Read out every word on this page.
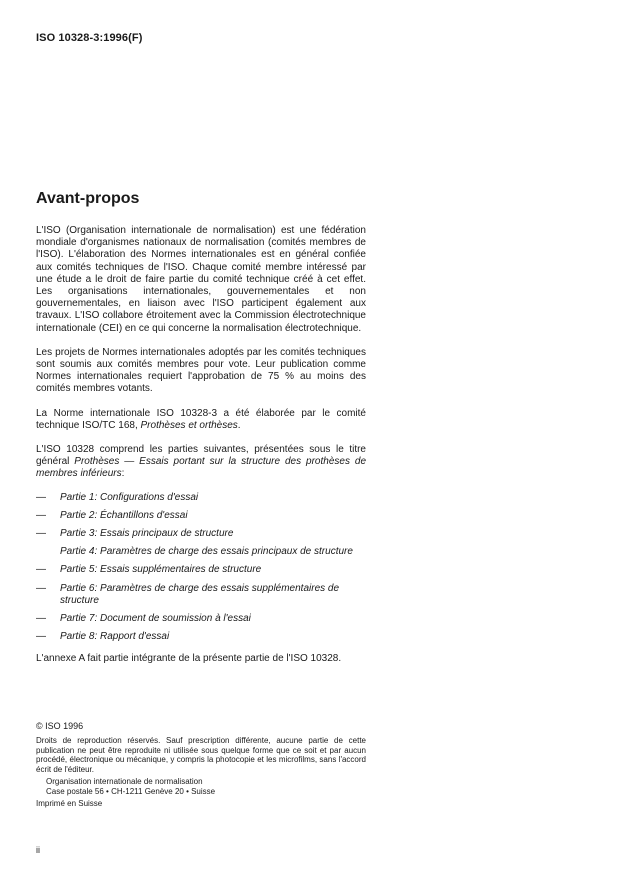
ISO 10328-3:1996(F)
Avant-propos

L'ISO (Organisation internationale de normalisation) est une fédération mondiale d'organismes nationaux de normalisation (comités membres de l'ISO). L'élaboration des Normes internationales est en général confiée aux comités techniques de l'ISO. Chaque comité membre intéressé par une étude a le droit de faire partie du comité technique créé à cet effet. Les organisations internationales, gouvernementales et non gouvernementales, en liaison avec l'ISO participent également aux travaux. L'ISO collabore étroitement avec la Commission électrotechnique internationale (CEI) en ce qui concerne la normalisation électrotechnique.

Les projets de Normes internationales adoptés par les comités techniques sont soumis aux comités membres pour vote. Leur publication comme Normes internationales requiert l'approbation de 75 % au moins des comités membres votants.

La Norme internationale ISO 10328-3 a été élaborée par le comité technique ISO/TC 168, Prothèses et orthèses.

L'ISO 10328 comprend les parties suivantes, présentées sous le titre général Prothèses — Essais portant sur la structure des prothèses de membres inférieurs:

— Partie 1: Configurations d'essai
— Partie 2: Échantillons d'essai
— Partie 3: Essais principaux de structure
Partie 4: Paramètres de charge des essais principaux de structure
— Partie 5: Essais supplémentaires de structure
— Partie 6: Paramètres de charge des essais supplémentaires de structure
— Partie 7: Document de soumission à l'essai
— Partie 8: Rapport d'essai

L'annexe A fait partie intégrante de la présente partie de l'ISO 10328.

© ISO 1996
Droits de reproduction réservés. Sauf prescription différente, aucune partie de cette publication ne peut être reproduite ni utilisée sous quelque forme que ce soit et par aucun procédé, électronique ou mécanique, y compris la photocopie et les microfilms, sans l'accord écrit de l'éditeur.
Organisation internationale de normalisation
Case postale 56 • CH-1211 Genève 20 • Suisse
Imprimé en Suisse
ii
